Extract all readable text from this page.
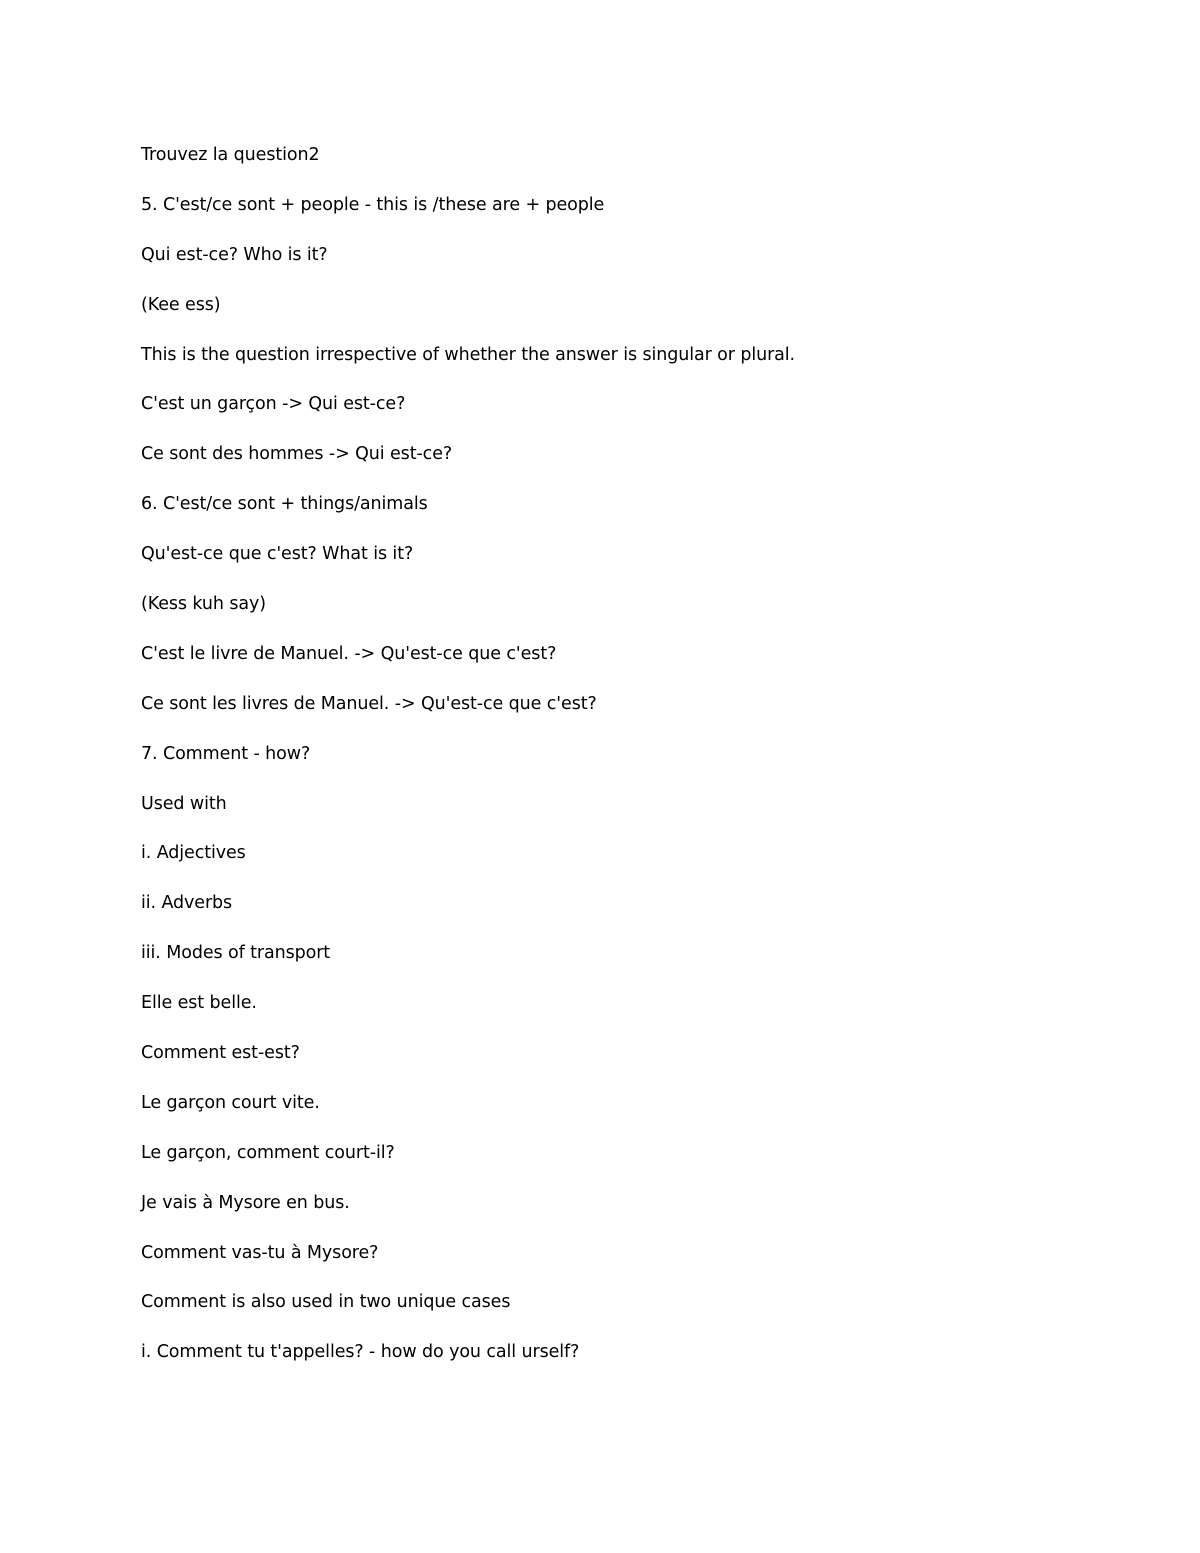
Trouvez la question2
5. C'est/ce sont + people - this is /these are + people
Qui est-ce? Who is it?
(Kee ess)
This is the question irrespective of whether the answer is singular or plural.
C'est un garçon -> Qui est-ce?
Ce sont des hommes -> Qui est-ce?
6. C'est/ce sont + things/animals
Qu'est-ce que c'est? What is it?
(Kess kuh say)
C'est le livre de Manuel. -> Qu'est-ce que c'est?
Ce sont les livres de Manuel. -> Qu'est-ce que c'est?
7. Comment - how?
Used with
i. Adjectives
ii. Adverbs
iii. Modes of transport
Elle est belle.
Comment est-est?
Le garçon court vite.
Le garçon, comment court-il?
Je vais à Mysore en bus.
Comment vas-tu à Mysore?
Comment is also used in two unique cases
i. Comment tu t'appelles? - how do you call urself?
